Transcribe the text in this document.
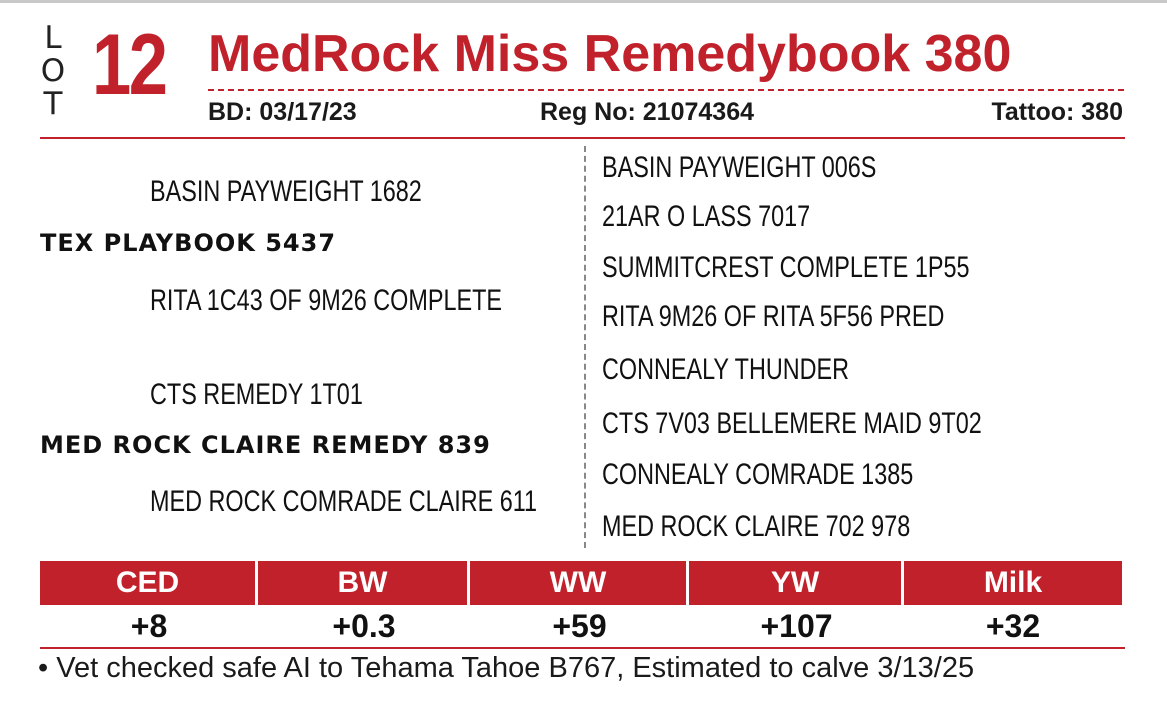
L
O
T 12 MedRock Miss Remedybook 380
BD: 03/17/23	Reg No: 21074364	Tattoo: 380
BASIN PAYWEIGHT 1682
TEX PLAYBOOK 5437
RITA 1C43 OF 9M26 COMPLETE
CTS REMEDY 1T01
MED ROCK CLAIRE REMEDY 839
MED ROCK COMRADE CLAIRE 611
BASIN PAYWEIGHT 006S
21AR O LASS 7017
SUMMITCREST COMPLETE 1P55
RITA 9M26 OF RITA 5F56 PRED
CONNEALY THUNDER
CTS 7V03 BELLEMERE MAID 9T02
CONNEALY COMRADE 1385
MED ROCK CLAIRE 702 978
CED
+8
BW
+0.3
WW
+59
YW
+107
Milk
+32
• Vet checked safe AI to Tehama Tahoe B767, Estimated to calve 3/13/25
